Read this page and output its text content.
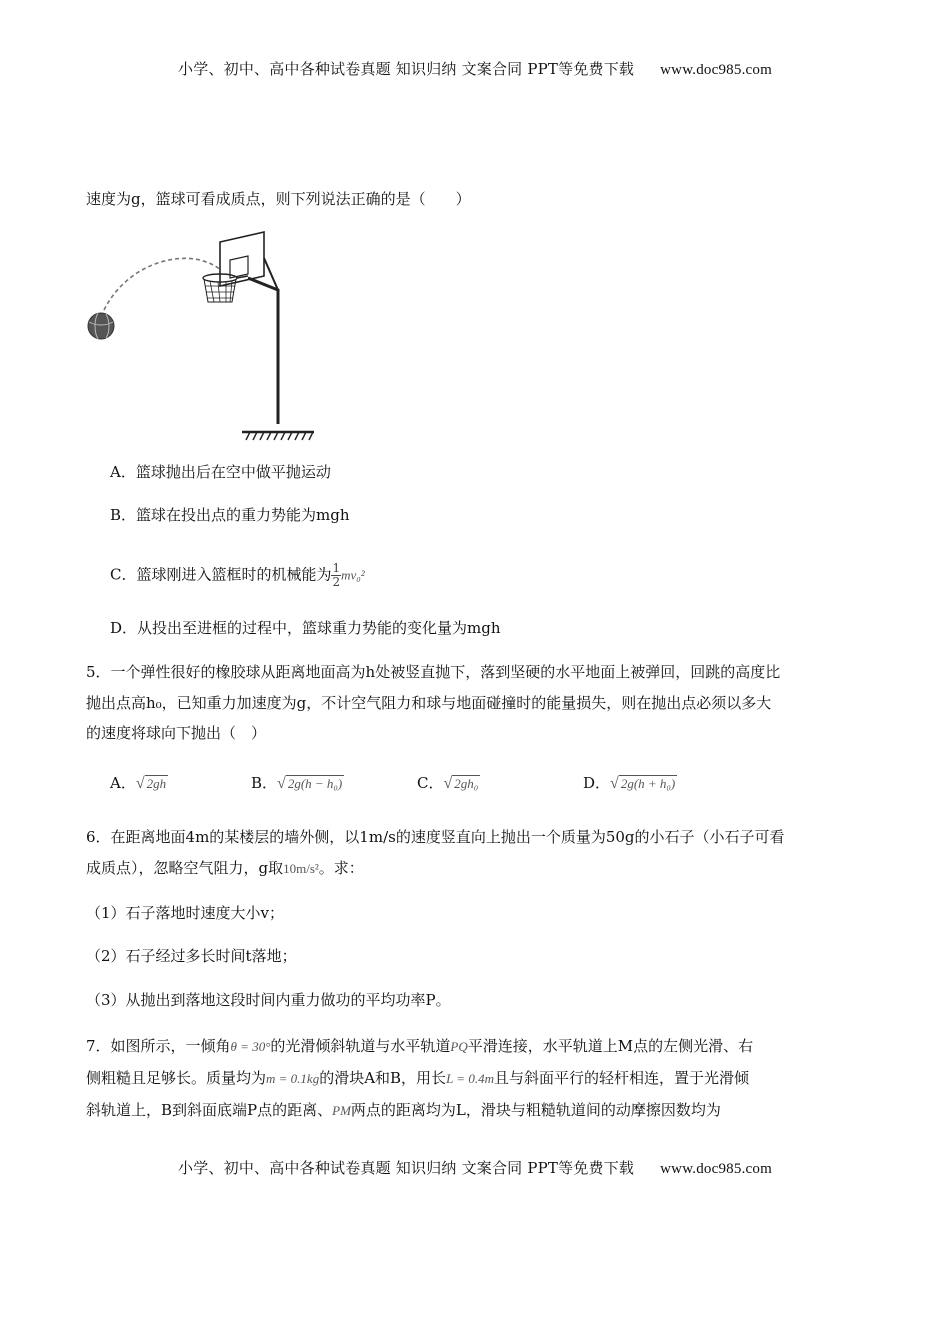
小学、初中、高中各种试卷真题 知识归纳 文案合同 PPT等免费下载 www.doc985.com
速度为g，篮球可看成质点，则下列说法正确的是（　　）
A．篮球抛出后在空中做平抛运动
B．篮球在投出点的重力势能为mgh
C．篮球刚进入篮框时的机械能为 $\frac{1}{2} mv_0^2$
D．从投出至进框的过程中，篮球重力势能的变化量为mgh
5．一个弹性很好的橡胶球从距离地面高为h处被竖直抛下，落到坚硬的水平地面上被弹回，回跳的高度比
抛出点高h₀，已知重力加速度为g，不计空气阻力和球与地面碰撞时的能量损失，则在抛出点必须以多大
的速度将球向下抛出（　）
A．√ 2gh	B．√ 2g(h − h₀)	C．√ 2gh₀	D．√ 2g(h + h₀)
6．在距离地面4m的某楼层的墙外侧，以1m/s的速度竖直向上抛出一个质量为50g的小石子（小石子可看
成质点），忽略空气阻力，g取10m/s²。求：
（1）石子落地时速度大小v；
（2）石子经过多长时间t落地；
（3）从抛出到落地这段时间内重力做功的平均功率P。
7．如图所示，一倾角θ = 30°的光滑倾斜轨道与水平轨道PQ平滑连接，水平轨道上M点的左侧光滑、右
侧粗糙且足够长。质量均为m = 0.1kg的滑块A和B，用长L = 0.4m且与斜面平行的轻杆相连，置于光滑倾
斜轨道上，B到斜面底端P点的距离、PM两点的距离均为L，滑块与粗糙轨道间的动摩擦因数均为
小学、初中、高中各种试卷真题 知识归纳 文案合同 PPT等免费下载 www.doc985.com
